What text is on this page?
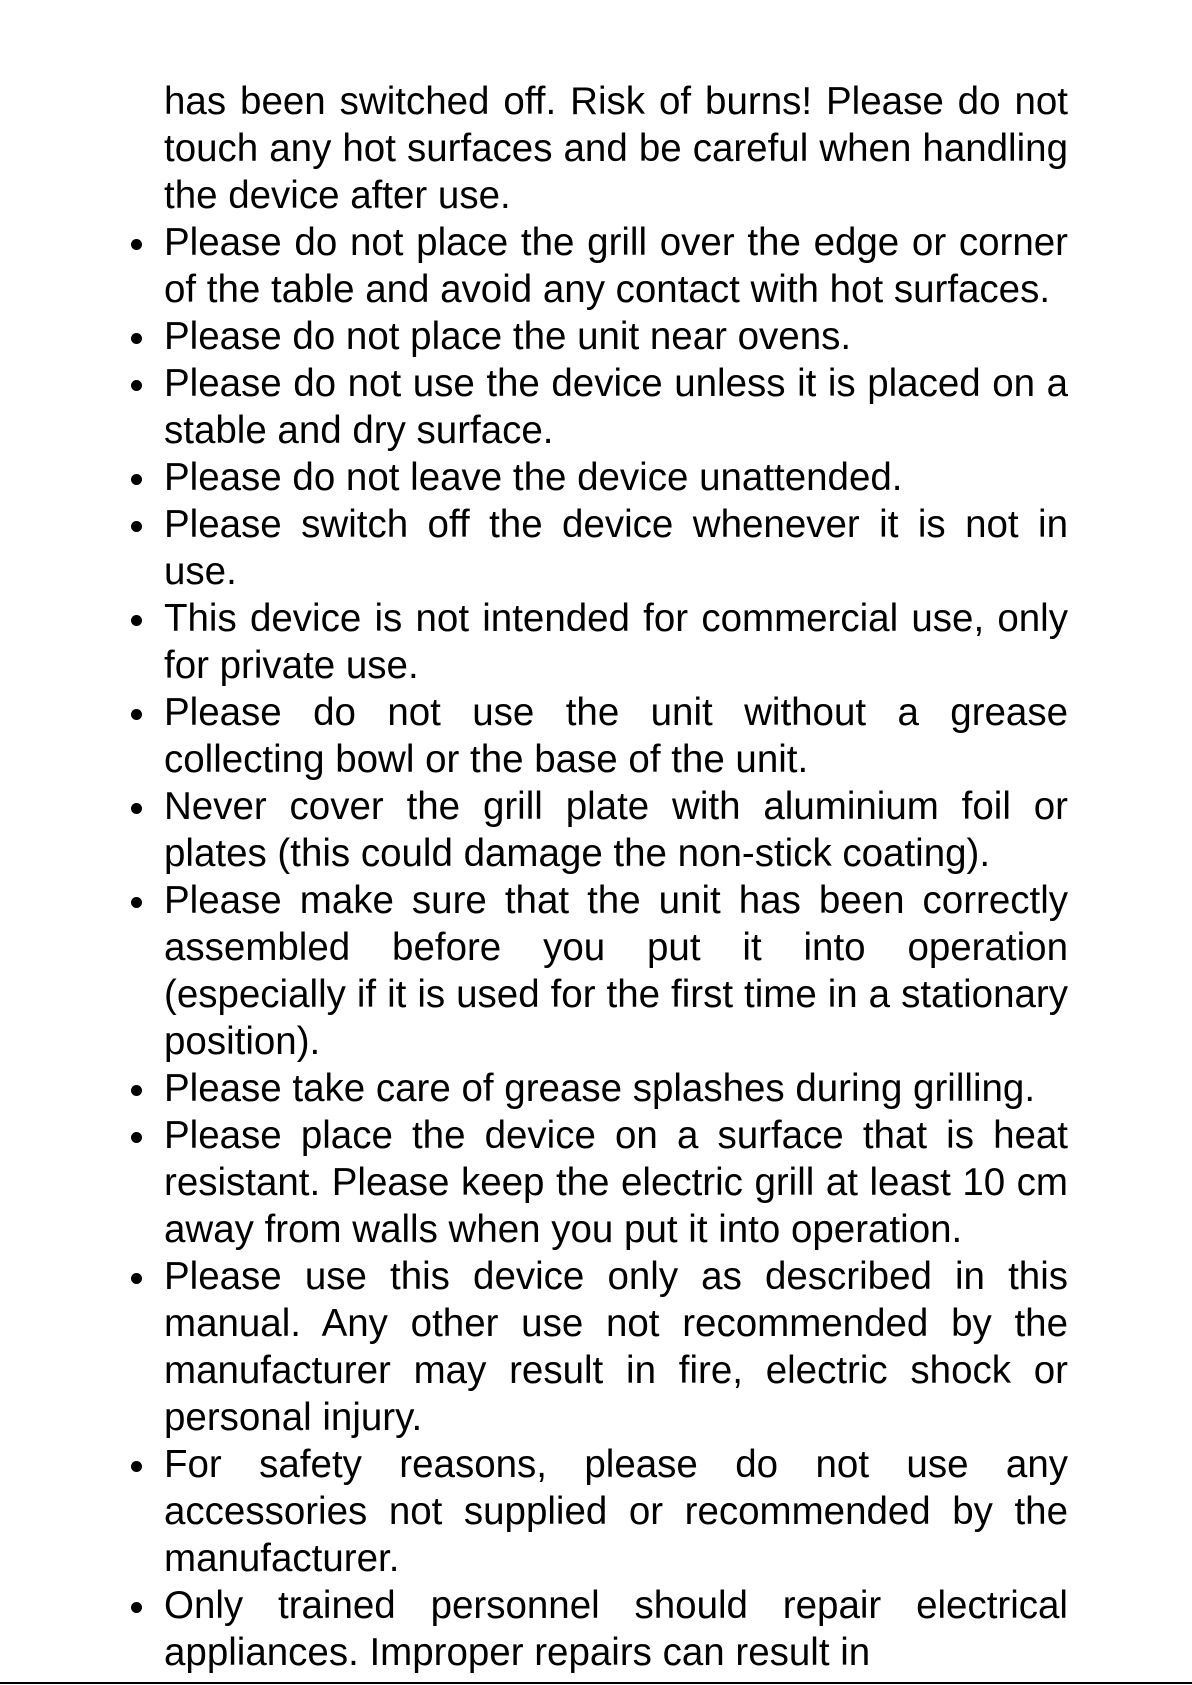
has been switched off. Risk of burns! Please do not touch any hot surfaces and be careful when handling the device after use.

Please do not place the grill over the edge or corner of the table and avoid any contact with hot surfaces.
Please do not place the unit near ovens.
Please do not use the device unless it is placed on a stable and dry surface.
Please do not leave the device unattended.
Please switch off the device whenever it is not in use.
This device is not intended for commercial use, only for private use.
Please do not use the unit without a grease collecting bowl or the base of the unit.
Never cover the grill plate with aluminium foil or plates (this could damage the non-stick coating).
Please make sure that the unit has been correctly assembled before you put it into operation (especially if it is used for the first time in a stationary position).
Please take care of grease splashes during grilling.
Please place the device on a surface that is heat resistant. Please keep the electric grill at least 10 cm away from walls when you put it into operation.
Please use this device only as described in this manual. Any other use not recommended by the manufacturer may result in fire, electric shock or personal injury.
For safety reasons, please do not use any accessories not supplied or recommended by the manufacturer.
Only trained personnel should repair electrical appliances. Improper repairs can result in
